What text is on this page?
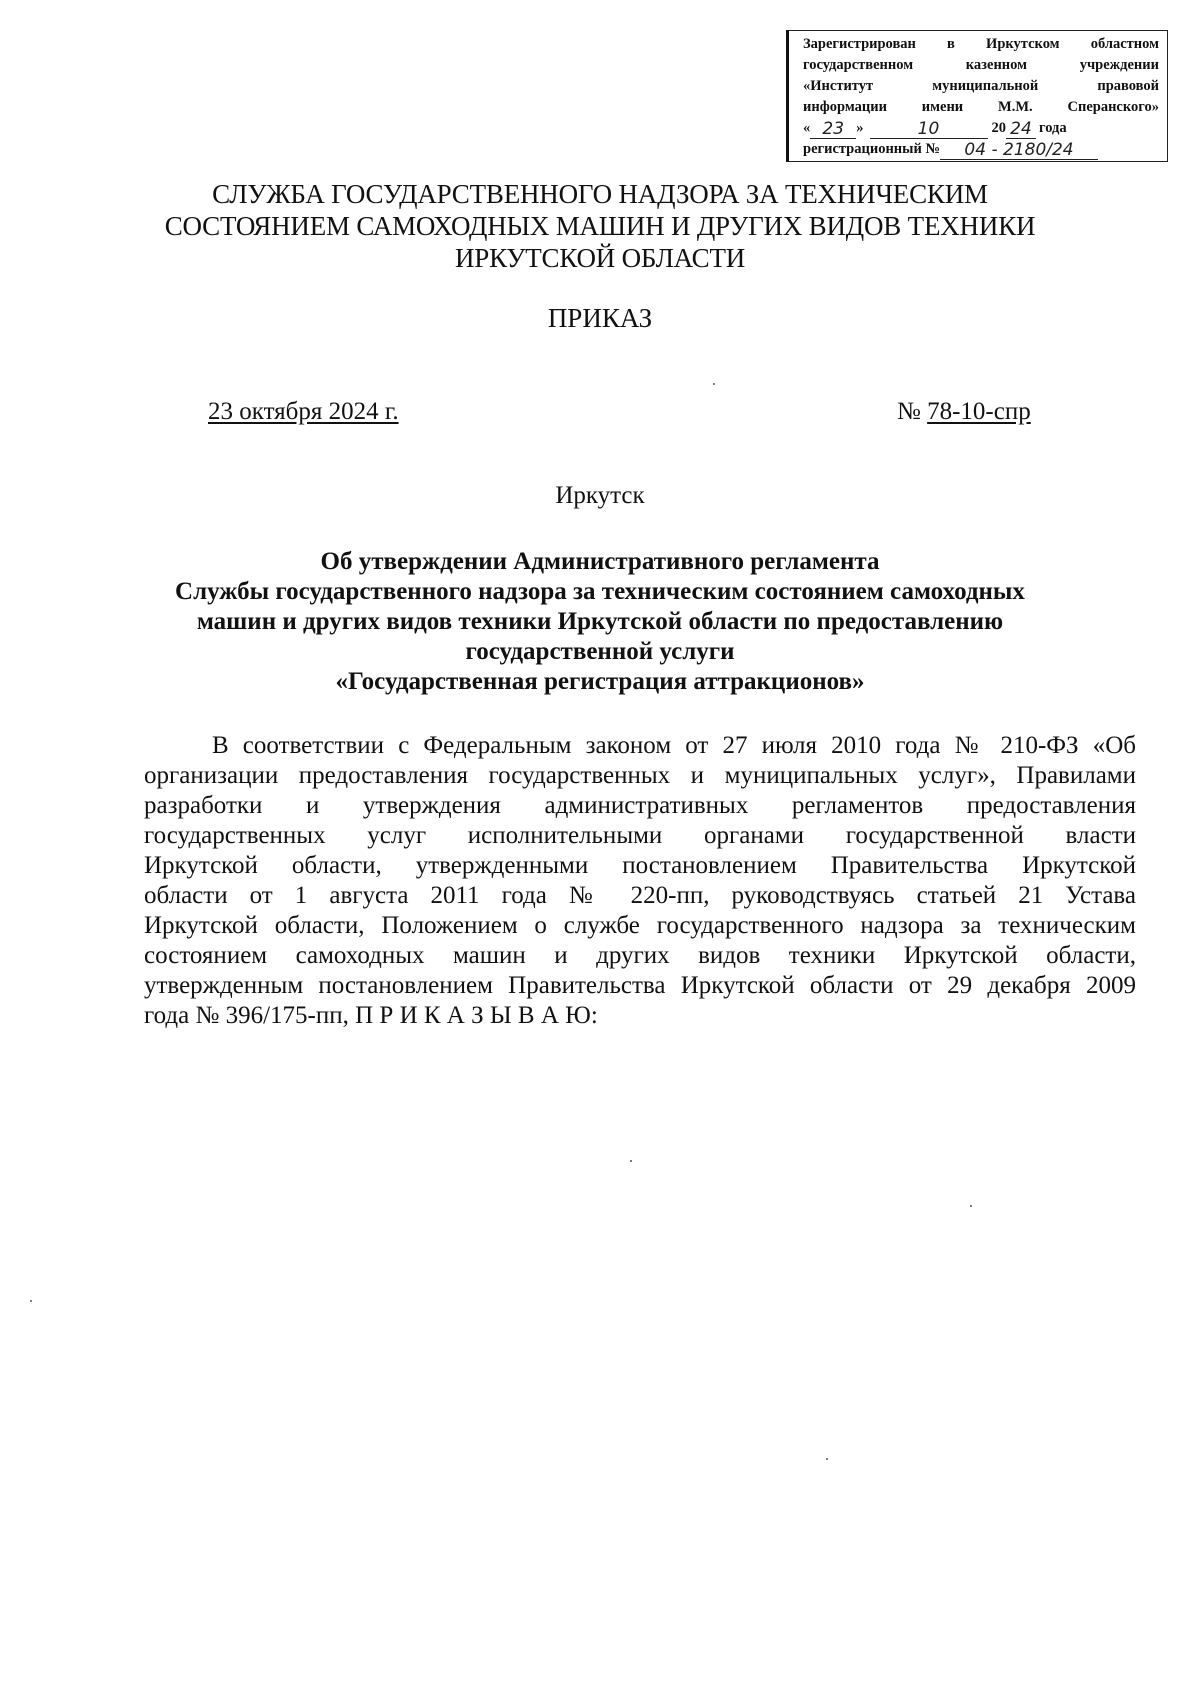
Зарегистрирован в Иркутском областном
государственном казенном учреждении
«Институт муниципальной правовой
информации имени М.М. Сперанского»
« 23 »	10	20 24 года
регистрационный №	04 - 2180/24
СЛУЖБА ГОСУДАРСТВЕННОГО НАДЗОРА ЗА ТЕХНИЧЕСКИМ
СОСТОЯНИЕМ САМОХОДНЫХ МАШИН И ДРУГИХ ВИДОВ ТЕХНИКИ
ИРКУТСКОЙ ОБЛАСТИ
ПРИКАЗ
23 октября 2024 г.	№ 78-10-спр
Иркутск
Об утверждении Административного регламента
Службы государственного надзора за техническим состоянием самоходных
машин и других видов техники Иркутской области по предоставлению
государственной услуги
«Государственная регистрация аттракционов»
В соответствии с Федеральным законом от 27 июля 2010 года № 210-ФЗ «Об
организации предоставления государственных и муниципальных услуг», Правилами
разработки и утверждения административных регламентов предоставления
государственных услуг исполнительными органами государственной власти
Иркутской области, утвержденными постановлением Правительства Иркутской
области от 1 августа 2011 года № 220-пп, руководствуясь статьей 21 Устава
Иркутской области, Положением о службе государственного надзора за техническим
состоянием самоходных машин и других видов техники Иркутской области,
утвержденным постановлением Правительства Иркутской области от 29 декабря 2009
года № 396/175-пп, П Р И К А З Ы В А Ю:
